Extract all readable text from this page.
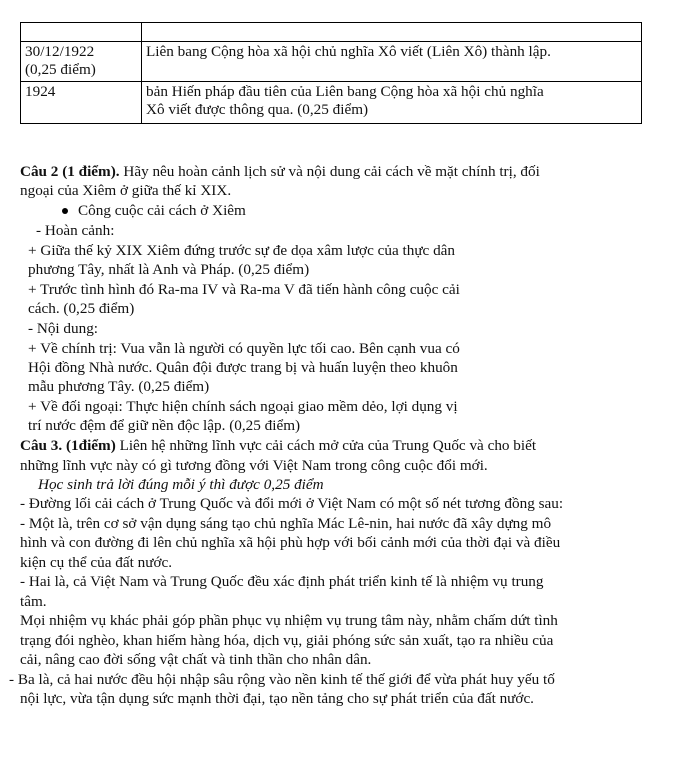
30/12/1922
(0,25 điểm)	Liên bang Cộng hòa xã hội chủ nghĩa Xô viết (Liên Xô) thành lập.
1924	bản Hiến pháp đầu tiên của Liên bang Cộng hòa xã hội chủ nghĩa
Xô viết được thông qua. (0,25 điểm)
Câu 2 (1 điểm). Hãy nêu hoàn cảnh lịch sử và nội dung cải cách về mặt chính trị, đối
ngoại của Xiêm ở giữa thế kỉ XIX.
Công cuộc cải cách ở Xiêm
- Hoàn cảnh:
+ Giữa thế kỷ XIX Xiêm đứng trước sự đe dọa xâm lược của thực dân
phương Tây, nhất là Anh và Pháp. (0,25 điểm)
+ Trước tình hình đó Ra-ma IV và Ra-ma V đã tiến hành công cuộc cải
cách. (0,25 điểm)
- Nội dung:
+ Về chính trị: Vua vẫn là người có quyền lực tối cao. Bên cạnh vua có
Hội đồng Nhà nước. Quân đội được trang bị và huấn luyện theo khuôn
mẫu phương Tây. (0,25 điểm)
+ Về đối ngoại: Thực hiện chính sách ngoại giao mềm dẻo, lợi dụng vị
trí nước đệm để giữ nền độc lập. (0,25 điểm)
Câu 3. (1điểm) Liên hệ những lĩnh vực cải cách mở cửa của Trung Quốc và cho biết
những lĩnh vực này có gì tương đồng với Việt Nam trong công cuộc đổi mới.
Học sinh trả lời đúng mỗi ý thì được 0,25 điểm
- Đường lối cải cách ở Trung Quốc và đổi mới ở Việt Nam có một số nét tương đồng sau:
- Một là, trên cơ sở vận dụng sáng tạo chủ nghĩa Mác Lê-nin, hai nước đã xây dựng mô
hình và con đường đi lên chủ nghĩa xã hội phù hợp với bối cảnh mới của thời đại và điều
kiện cụ thể của đất nước.
- Hai là, cả Việt Nam và Trung Quốc đều xác định phát triển kinh tế là nhiệm vụ trung
tâm.
Mọi nhiệm vụ khác phải góp phần phục vụ nhiệm vụ trung tâm này, nhằm chấm dứt tình
trạng đói nghèo, khan hiếm hàng hóa, dịch vụ, giải phóng sức sản xuất, tạo ra nhiều của
cải, nâng cao đời sống vật chất và tinh thần cho nhân dân.
- Ba là, cả hai nước đều hội nhập sâu rộng vào nền kinh tế thế giới để vừa phát huy yếu tố
nội lực, vừa tận dụng sức mạnh thời đại, tạo nền tảng cho sự phát triển của đất nước.
